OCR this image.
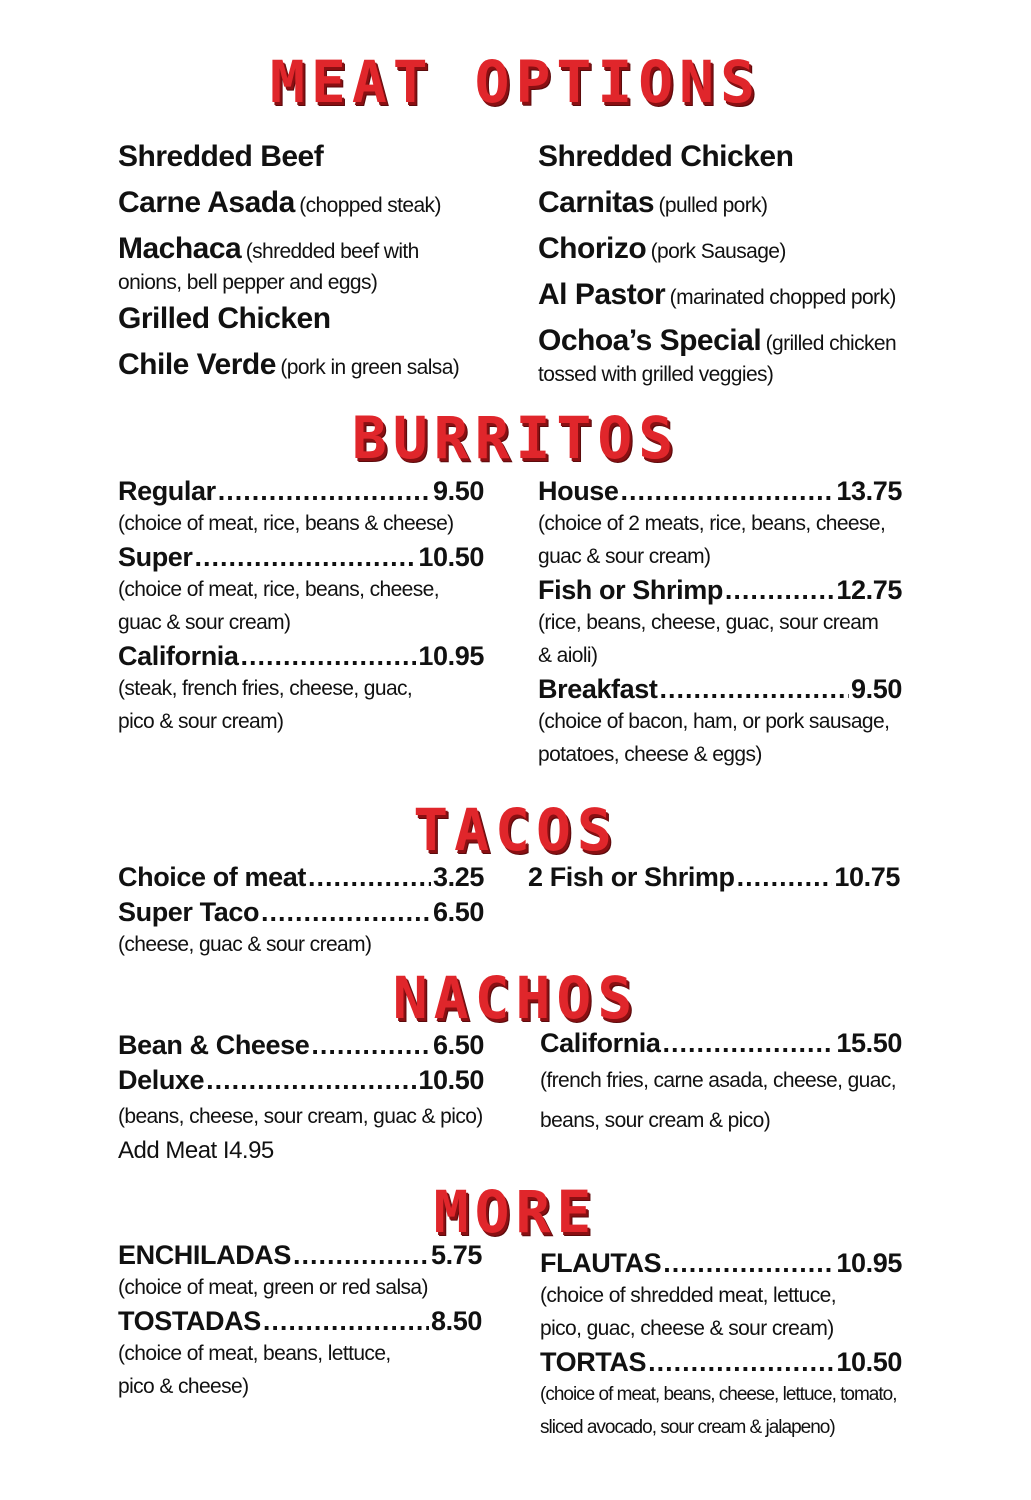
MEAT OPTIONS

Shredded Beef

Carne Asada (chopped steak)

Machaca (shredded beef with

onions, bell pepper and eggs)

Grilled Chicken

Chile Verde (pork in green salsa)

Shredded Chicken

Carnitas (pulled pork)

Chorizo (pork Sausage)

Al Pastor (marinated chopped pork)

Ochoa’s Special (grilled chicken

tossed with grilled veggies)

BURRITOS
Regular .....	9.50

(choice of meat, rice, beans & cheese)

Super .....	10.50

(choice of meat, rice, beans, cheese,

guac & sour cream)

California .....	10.95

(steak, french fries, cheese, guac,

pico & sour cream)

House .....	13.75

(choice of 2 meats, rice, beans, cheese,

guac & sour cream)

Fish or Shrimp .....	12.75

(rice, beans, cheese, guac, sour cream

& aioli)

Breakfast .....	9.50

(choice of bacon, ham, or pork sausage,

potatoes, cheese & eggs)

TACOS
Choice of meat .....	3.25
Super Taco .....	6.50

(cheese, guac & sour cream)

2 Fish or Shrimp .....	10.75
NACHOS
Bean & Cheese .....	6.50
Deluxe .....	10.50

(beans, cheese, sour cream, guac & pico)

Add Meat I4.95

California .....	15.50

(french fries, carne asada, cheese, guac,

beans, sour cream & pico)

MORE
ENCHILADAS .....	5.75

(choice of meat, green or red salsa)

TOSTADAS .....	8.50

(choice of meat, beans, lettuce,

pico & cheese)

FLAUTAS .....	10.95

(choice of shredded meat, lettuce,

pico, guac, cheese & sour cream)

TORTAS .....	10.50

(choice of meat, beans, cheese, lettuce, tomato,

sliced avocado, sour cream & jalapeno)
